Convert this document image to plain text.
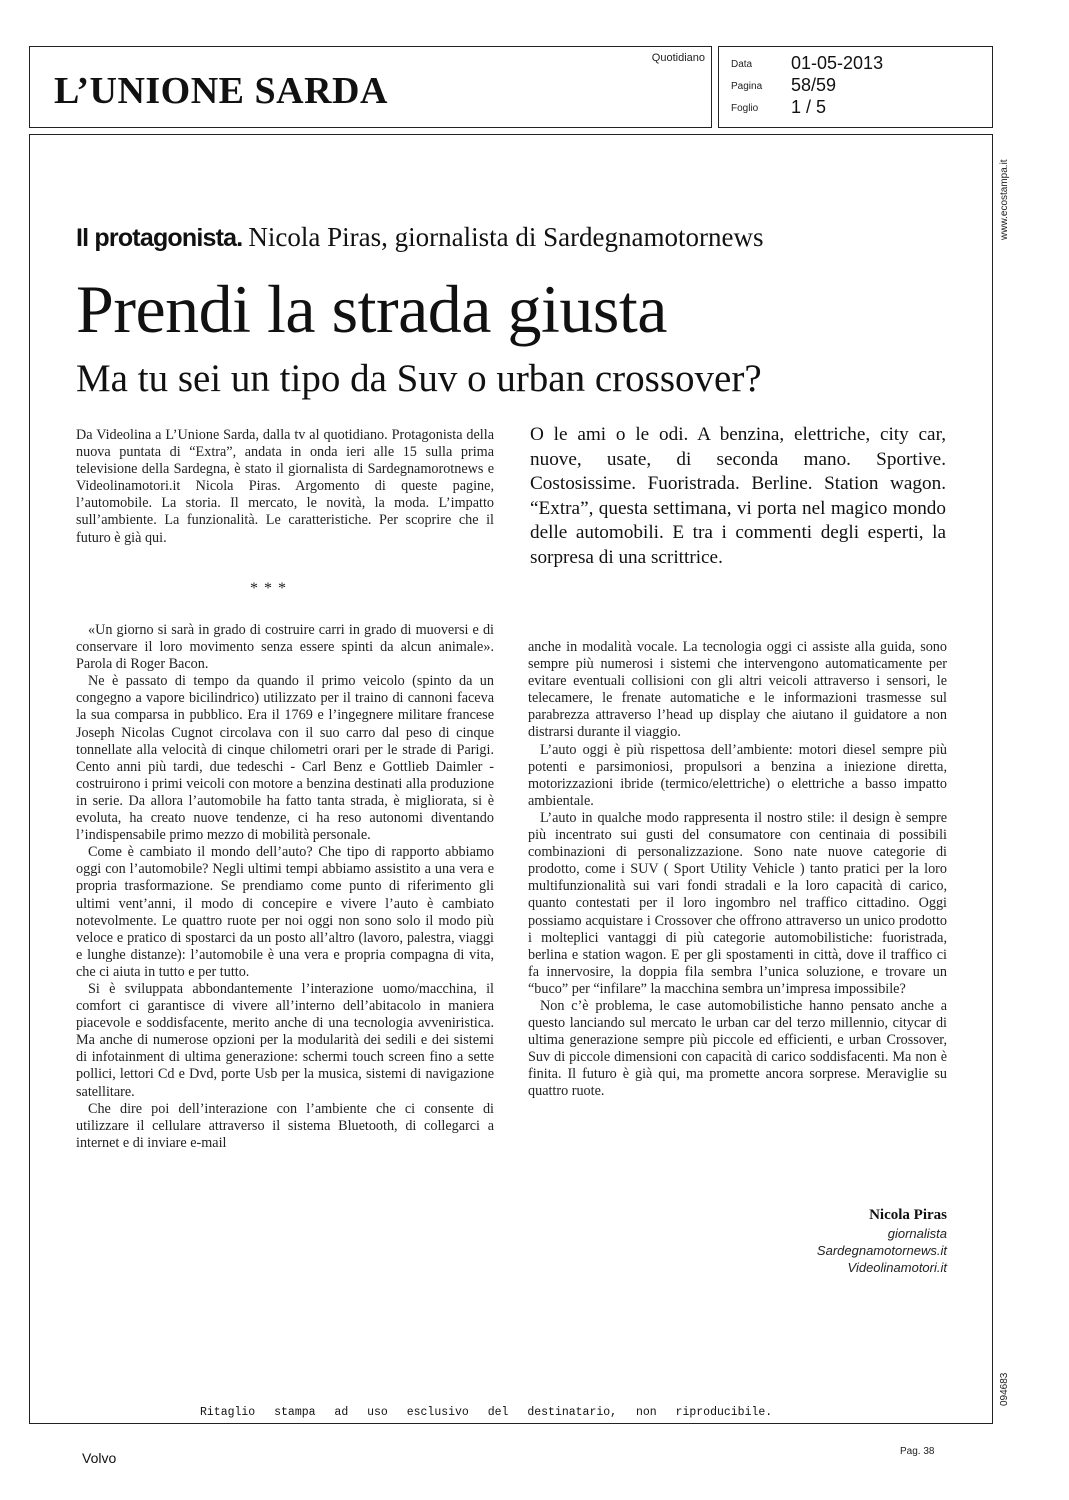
L’UNIONE SARDA
Quotidiano
Data	01-05-2013
Pagina	58/59
Foglio	1 / 5
www.ecostampa.it
094683
Il protagonista. Nicola Piras, giornalista di Sardegnamotornews
Prendi la strada giusta
Ma tu sei un tipo da Suv o urban crossover?
Da Videolina a L’Unione Sarda, dalla tv al quotidiano. Protagonista della nuova puntata di “Extra”, andata in onda ieri alle 15 sulla prima televisione della Sardegna, è stato il giornalista di Sardegnamorotnews e Videolinamotori.it Nicola Piras. Argomento di queste pagine, l’automobile. La storia. Il mercato, le novità, la moda. L’impatto sull’ambiente. La funzionalità. Le caratteristiche. Per scoprire che il futuro è già qui.
O le ami o le odi. A benzina, elettriche, city car, nuove, usate, di seconda mano. Sportive. Costosissime. Fuoristrada. Berline. Station wagon. “Extra”, questa settimana, vi porta nel magico mondo delle automobili. E tra i commenti degli esperti, la sorpresa di una scrittrice.
***

«Un giorno si sarà in grado di costruire carri in grado di muoversi e di conservare il loro movimento senza essere spinti da alcun animale». Parola di Roger Bacon.

Ne è passato di tempo da quando il primo veicolo (spinto da un congegno a vapore bicilindrico) utilizzato per il traino di cannoni faceva la sua comparsa in pubblico. Era il 1769 e l’ingegnere militare francese Joseph Nicolas Cugnot circolava con il suo carro dal peso di cinque tonnellate alla velocità di cinque chilometri orari per le strade di Parigi. Cento anni più tardi, due tedeschi - Carl Benz e Gottlieb Daimler - costruirono i primi veicoli con motore a benzina destinati alla produzione in serie. Da allora l’automobile ha fatto tanta strada, è migliorata, si è evoluta, ha creato nuove tendenze, ci ha reso autonomi diventando l’indispensabile primo mezzo di mobilità personale.

Come è cambiato il mondo dell’auto? Che tipo di rapporto abbiamo oggi con l’automobile? Negli ultimi tempi abbiamo assistito a una vera e propria trasformazione. Se prendiamo come punto di riferimento gli ultimi vent’anni, il modo di concepire e vivere l’auto è cambiato notevolmente. Le quattro ruote per noi oggi non sono solo il modo più veloce e pratico di spostarci da un posto all’altro (lavoro, palestra, viaggi e lunghe distanze): l’automobile è una vera e propria compagna di vita, che ci aiuta in tutto e per tutto.

Si è sviluppata abbondantemente l’interazione uomo/macchina, il comfort ci garantisce di vivere all’interno dell’abitacolo in maniera piacevole e soddisfacente, merito anche di una tecnologia avveniristica. Ma anche di numerose opzioni per la modularità dei sedili e dei sistemi di infotainment di ultima generazione: schermi touch screen fino a sette pollici, lettori Cd e Dvd, porte Usb per la musica, sistemi di navigazione satellitare.

Che dire poi dell’interazione con l’ambiente che ci consente di utilizzare il cellulare attraverso il sistema Bluetooth, di collegarci a internet e di inviare e-mail

anche in modalità vocale. La tecnologia oggi ci assiste alla guida, sono sempre più numerosi i sistemi che intervengono automaticamente per evitare eventuali collisioni con gli altri veicoli attraverso i sensori, le telecamere, le frenate automatiche e le informazioni trasmesse sul parabrezza attraverso l’head up display che aiutano il guidatore a non distrarsi durante il viaggio.

L’auto oggi è più rispettosa dell’ambiente: motori diesel sempre più potenti e parsimoniosi, propulsori a benzina a iniezione diretta, motorizzazioni ibride (termico/elettriche) o elettriche a basso impatto ambientale.

L’auto in qualche modo rappresenta il nostro stile: il design è sempre più incentrato sui gusti del consumatore con centinaia di possibili combinazioni di personalizzazione. Sono nate nuove categorie di prodotto, come i SUV ( Sport Utility Vehicle ) tanto pratici per la loro multifunzionalità sui vari fondi stradali e la loro capacità di carico, quanto contestati per il loro ingombro nel traffico cittadino. Oggi possiamo acquistare i Crossover che offrono attraverso un unico prodotto i molteplici vantaggi di più categorie automobilistiche: fuoristrada, berlina e station wagon. E per gli spostamenti in città, dove il traffico ci fa innervosire, la doppia fila sembra l’unica soluzione, e trovare un “buco” per “infilare” la macchina sembra un’impresa impossibile?

Non c’è problema, le case automobilistiche hanno pensato anche a questo lanciando sul mercato le urban car del terzo millennio, citycar di ultima generazione sempre più piccole ed efficienti, e urban Crossover, Suv di piccole dimensioni con capacità di carico soddisfacenti. Ma non è finita. Il futuro è già qui, ma promette ancora sorprese. Meraviglie su quattro ruote.

Nicola Piras
giornalista
Sardegnamotornews.it
Videolinamotori.it
Ritaglio stampa ad uso esclusivo del destinatario, non riproducibile.
Volvo	Pag. 38
